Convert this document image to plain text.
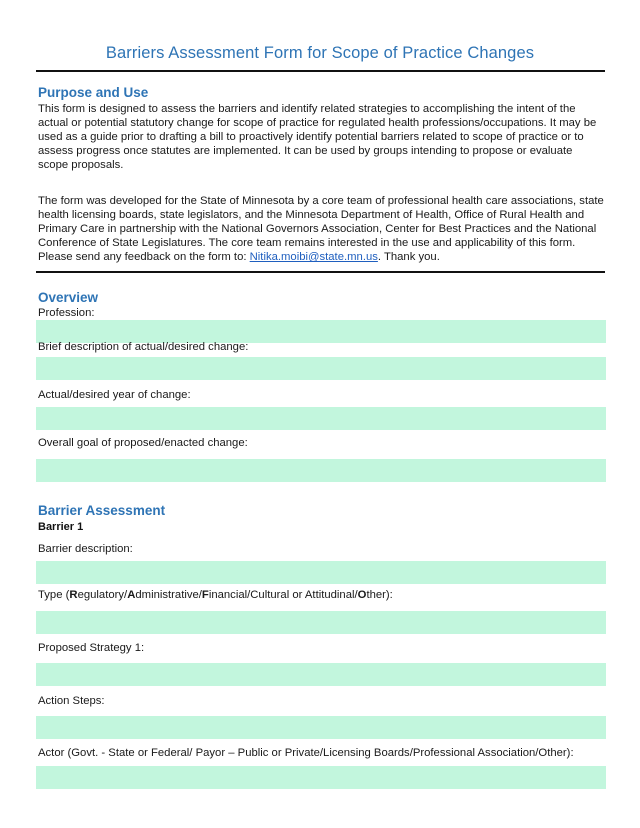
Barriers Assessment Form for Scope of Practice Changes
Purpose and Use

This form is designed to assess the barriers and identify related strategies to accomplishing the intent of the actual or potential statutory change for scope of practice for regulated health professions/occupations. It may be used as a guide prior to drafting a bill to proactively identify potential barriers related to scope of practice or to assess progress once statutes are implemented. It can be used by groups intending to propose or evaluate scope proposals.

The form was developed for the State of Minnesota by a core team of professional health care associations, state health licensing boards, state legislators, and the Minnesota Department of Health, Office of Rural Health and Primary Care in partnership with the National Governors Association, Center for Best Practices and the National Conference of State Legislatures. The core team remains interested in the use and applicability of this form. Please send any feedback on the form to: Nitika.moibi@state.mn.us. Thank you.

Overview
Profession:
Brief description of actual/desired change:
Actual/desired year of change:
Overall goal of proposed/enacted change:
Barrier Assessment
Barrier 1
Barrier description:
Type (Regulatory/Administrative/Financial/Cultural or Attitudinal/Other):
Proposed Strategy 1:
Action Steps:
Actor (Govt. - State or Federal/ Payor – Public or Private/Licensing Boards/Professional Association/Other):
